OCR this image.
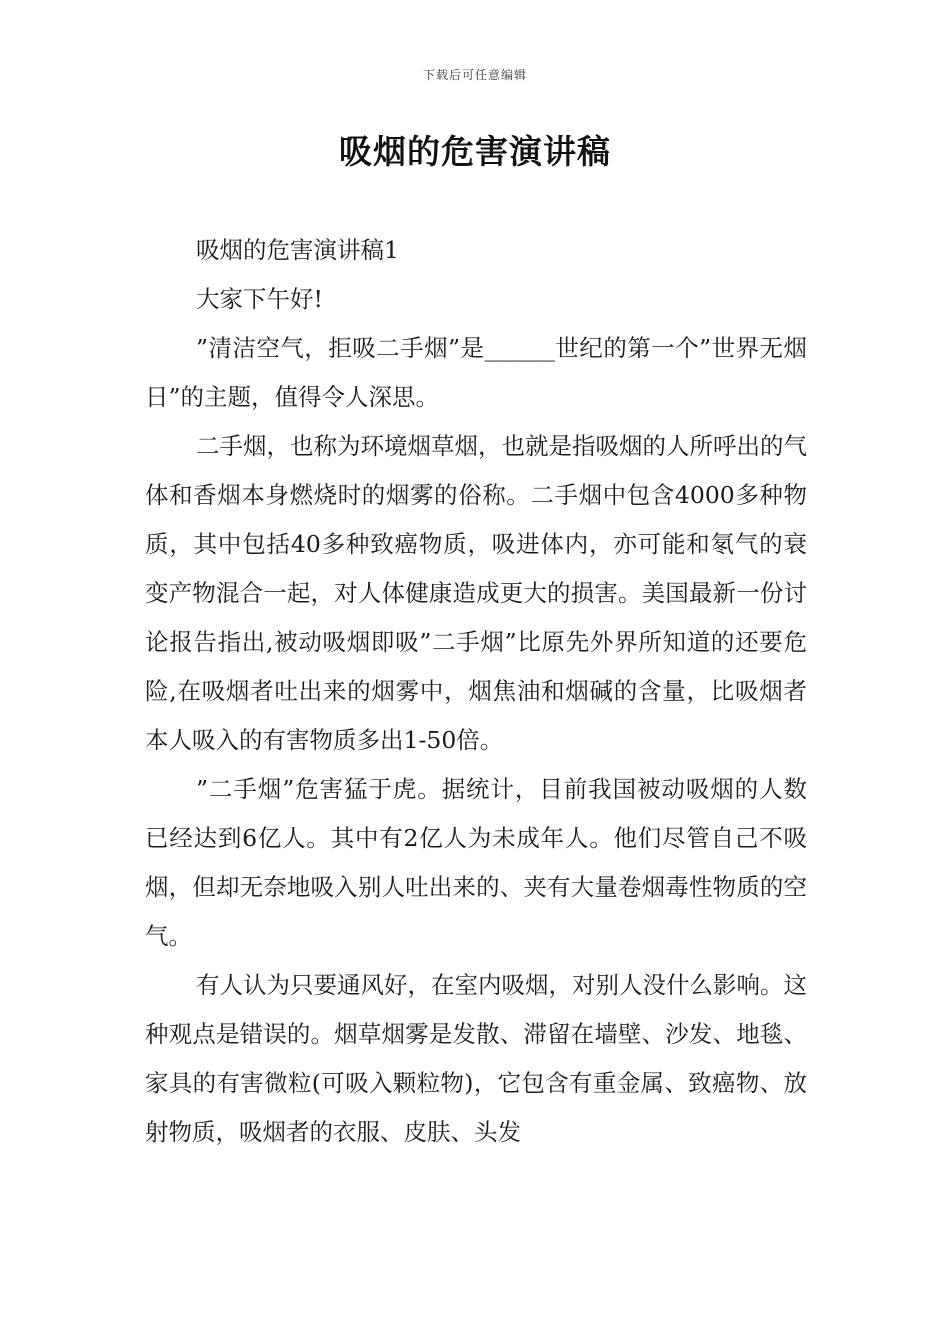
下载后可任意编辑
吸烟的危害演讲稿

吸烟的危害演讲稿1

大家下午好!

”清洁空气，拒吸二手烟”是______世纪的第一个”世界无烟日”的主题，值得令人深思。

二手烟，也称为环境烟草烟，也就是指吸烟的人所呼出的气体和香烟本身燃烧时的烟雾的俗称。二手烟中包含4000多种物质，其中包括40多种致癌物质，吸进体内，亦可能和氡气的衰变产物混合一起，对人体健康造成更大的损害。美国最新一份讨论报告指出,被动吸烟即吸”二手烟”比原先外界所知道的还要危险,在吸烟者吐出来的烟雾中，烟焦油和烟碱的含量，比吸烟者本人吸入的有害物质多出1-50倍。

”二手烟”危害猛于虎。据统计，目前我国被动吸烟的人数已经达到6亿人。其中有2亿人为未成年人。他们尽管自己不吸烟，但却无奈地吸入别人吐出来的、夹有大量卷烟毒性物质的空气。

有人认为只要通风好，在室内吸烟，对别人没什么影响。这种观点是错误的。烟草烟雾是发散、滞留在墙壁、沙发、地毯、家具的有害微粒(可吸入颗粒物)，它包含有重金属、致癌物、放射物质，吸烟者的衣服、皮肤、头发
